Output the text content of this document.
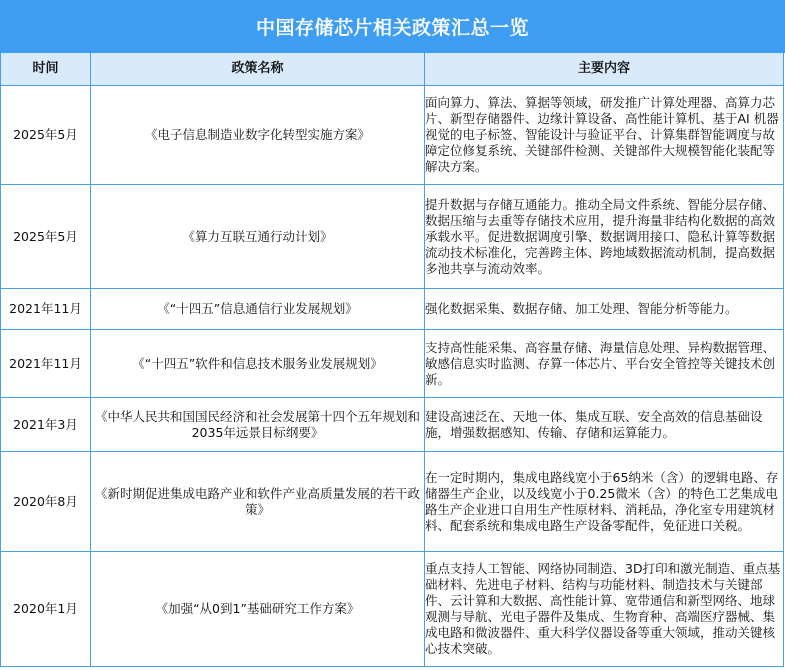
中国存储芯片相关政策汇总一览
时间	政策名称	主要内容
2025年5月	《电子信息制造业数字化转型实施方案》	面向算力、算法、算据等领域，研发推广计算处理器、高算力芯片、新型存储器件、边缘计算设备、高性能计算机、基于AI 机器视觉的电子标签、智能设计与验证平台、计算集群智能调度与故障定位修复系统、关键部件检测、关键部件大规模智能化装配等解决方案。
2025年5月	《算力互联互通行动计划》	提升数据与存储互通能力。推动全局文件系统、智能分层存储、数据压缩与去重等存储技术应用，提升海量非结构化数据的高效承载水平。促进数据调度引擎、数据调用接口、隐私计算等数据流动技术标准化，完善跨主体、跨地域数据流动机制，提高数据多池共享与流动效率。
2021年11月	《“十四五”信息通信行业发展规划》	强化数据采集、数据存储、加工处理、智能分析等能力。
2021年11月	《“十四五”软件和信息技术服务业发展规划》	支持高性能采集、高容量存储、海量信息处理、异构数据管理、敏感信息实时监测、存算一体芯片、平台安全管控等关键技术创新。
2021年3月	《中华人民共和国国民经济和社会发展第十四个五年规划和2035年远景目标纲要》	建设高速泛在、天地一体、集成互联、安全高效的信息基础设施，增强数据感知、传输、存储和运算能力。
2020年8月	《新时期促进集成电路产业和软件产业高质量发展的若干政策》	在一定时期内，集成电路线宽小于65纳米（含）的逻辑电路、存储器生产企业，以及线宽小于0.25微米（含）的特色工艺集成电路生产企业进口自用生产性原材料、消耗品，净化室专用建筑材料、配套系统和集成电路生产设备零配件，免征进口关税。
2020年1月	《加强“从0到1”基础研究工作方案》	重点支持人工智能、网络协同制造、3D打印和激光制造、重点基础材料、先进电子材料、结构与功能材料、制造技术与关键部件、云计算和大数据、高性能计算、宽带通信和新型网络、地球观测与导航、光电子器件及集成、生物育种、高端医疗器械、集成电路和微波器件、重大科学仪器设备等重大领域，推动关键核心技术突破。
